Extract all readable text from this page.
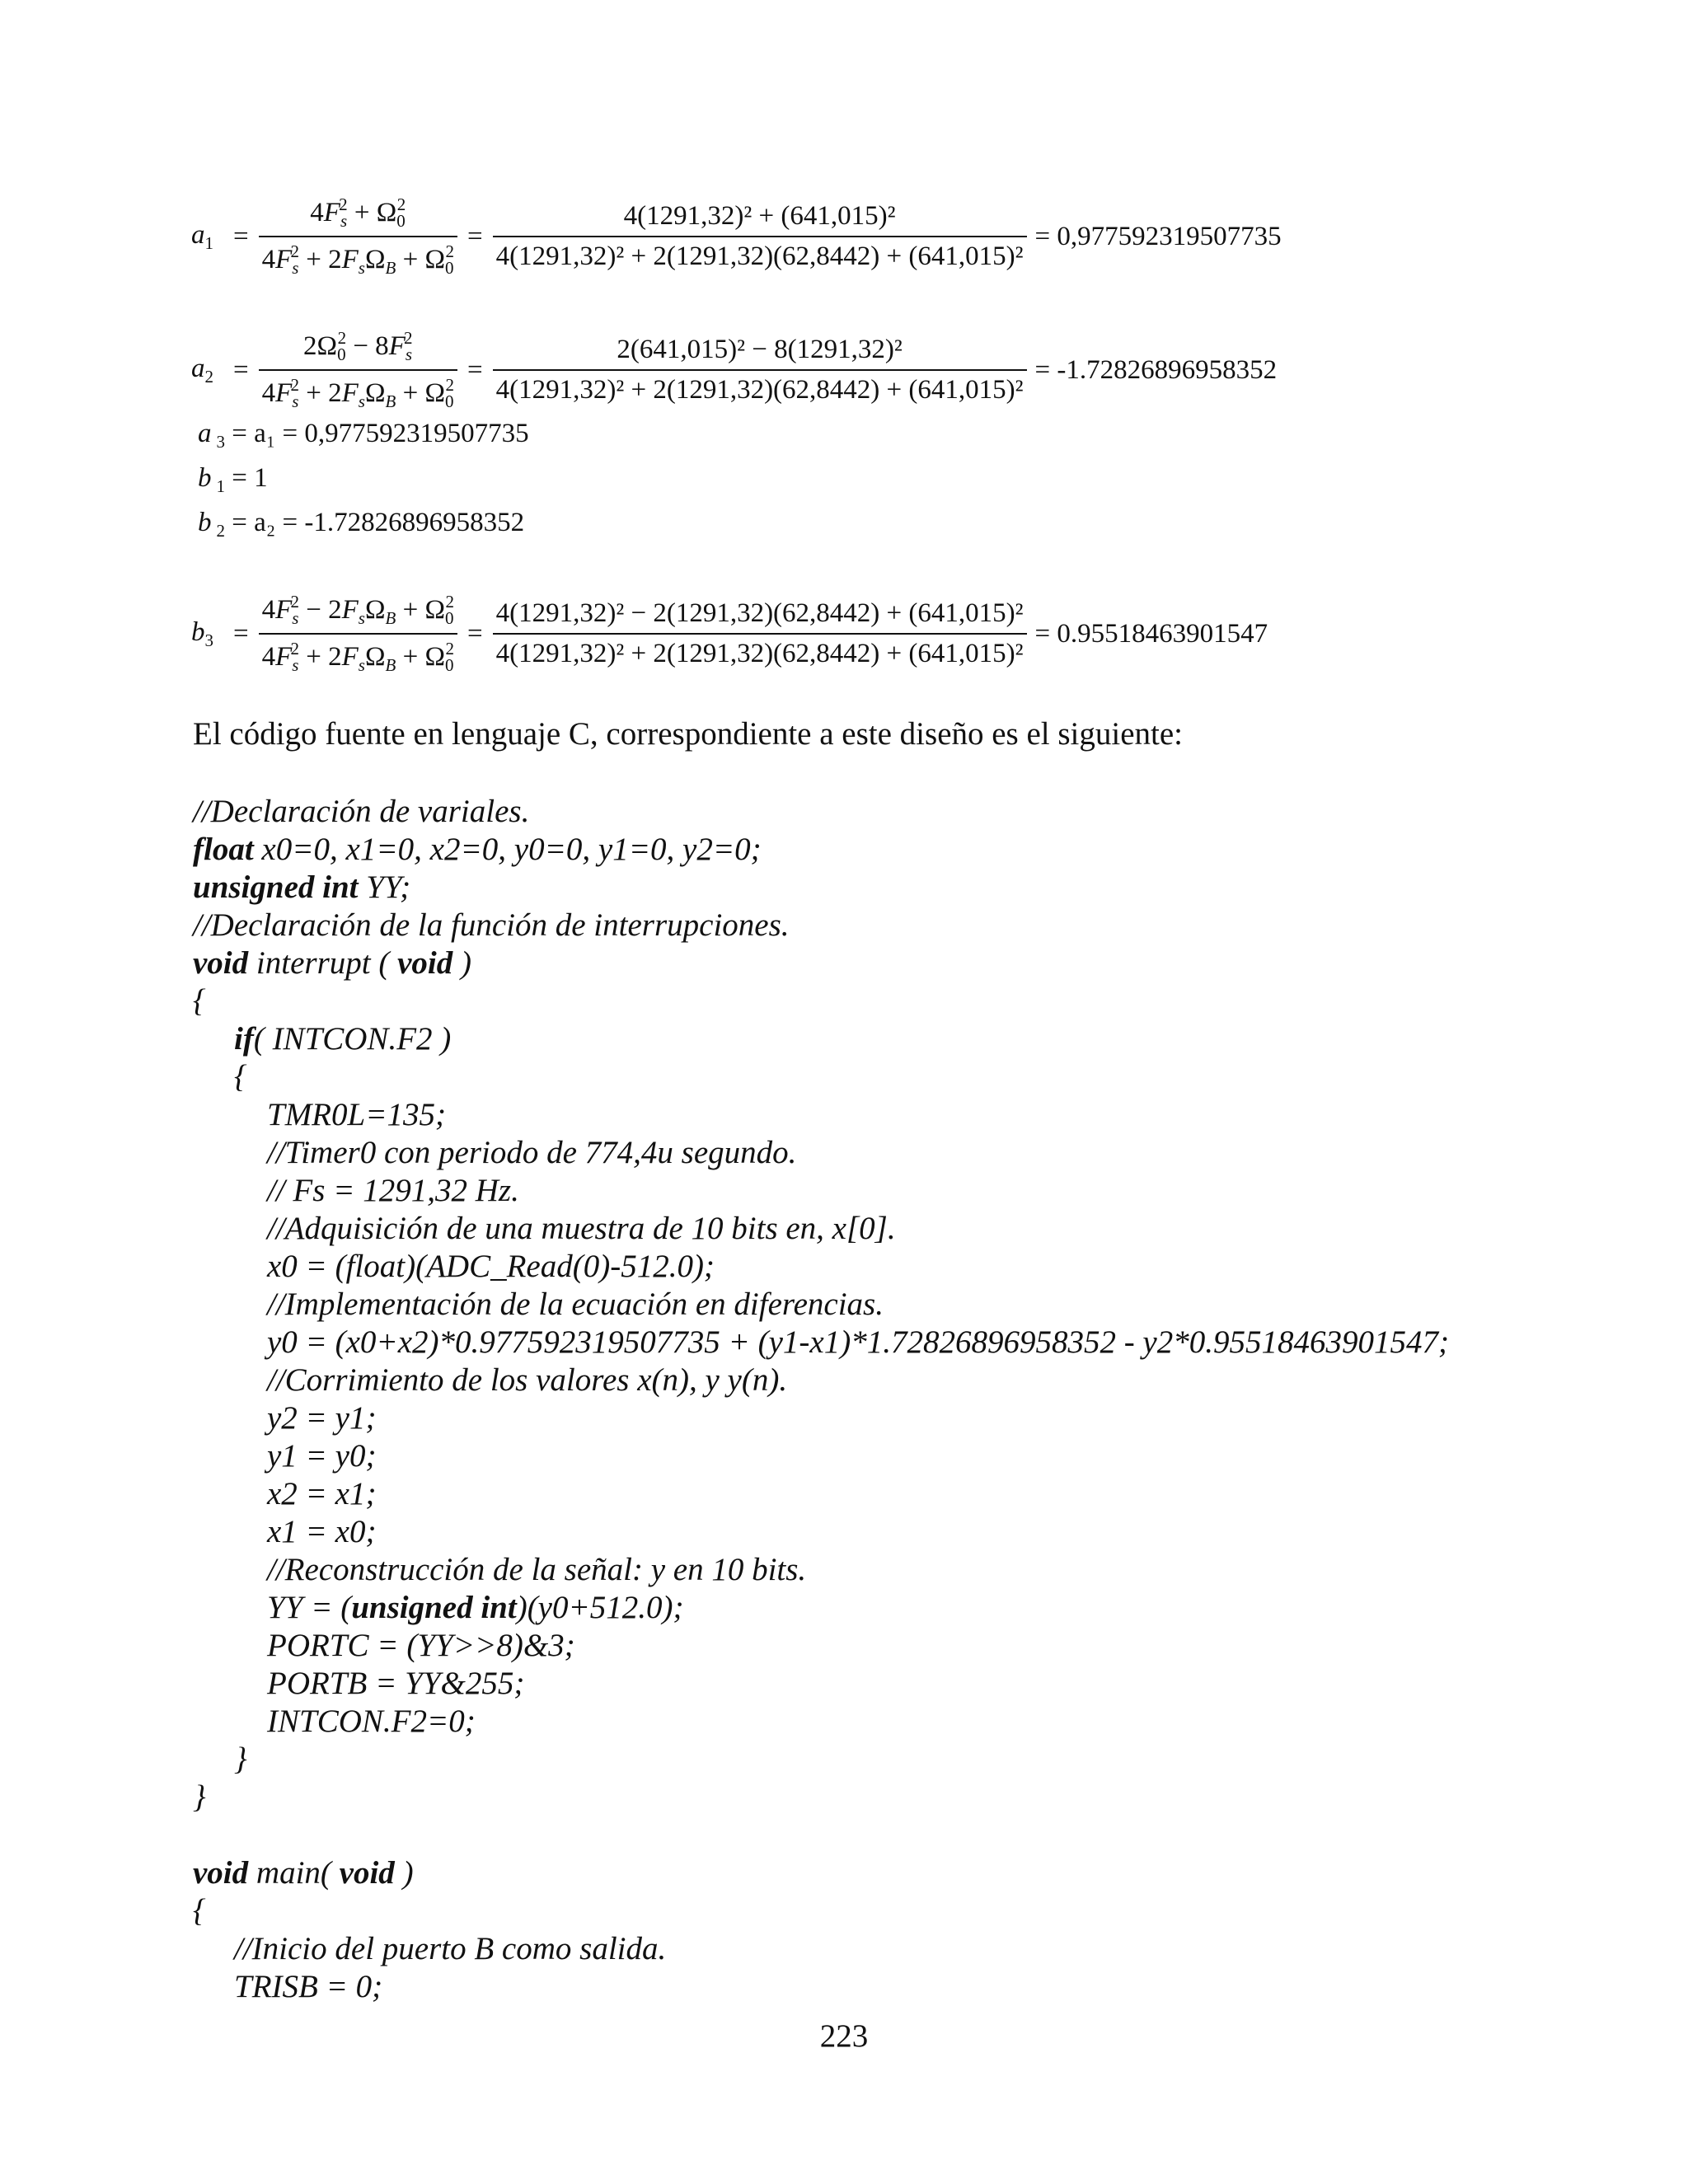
$a_1 = \frac{4F_s^2 + \Omega_0^2}{4F_s^2 + 2F_s\Omega_B + \Omega_0^2} = \frac{\text{4(1291,32)² + (641,015)²}}{\text{4(1291,32)² + 2(1291,32)(62,8442) + (641,015)²}} = 0,977592319507735$
$a_2 = \frac{2\Omega_0^2 - 8F_s^2}{4F_s^2 + 2F_s\Omega_B + \Omega_0^2} = \frac{\text{2(641,015)² − 8(1291,32)²}}{\text{4(1291,32)² + 2(1291,32)(62,8442) + (641,015)²}} = -1.72826896958352$
a $_3$ = a₁ = 0,977592319507735
b $_1$ = 1
b $_2$ = a₂ = -1.72826896958352
$b_3 = \frac{4F_s^2 - 2F_s\Omega_B + \Omega_0^2}{4F_s^2 + 2F_s\Omega_B + \Omega_0^2} = \frac{\text{4(1291,32)² − 2(1291,32)(62,8442) + (641,015)²}}{\text{4(1291,32)² + 2(1291,32)(62,8442) + (641,015)²}} = 0.95518463901547$
El código fuente en lenguaje C, correspondiente a este diseño es el siguiente:
//Declaración de variales.
float x0=0, x1=0, x2=0, y0=0, y1=0, y2=0;
unsigned int YY;
//Declaración de la función de interrupciones.
void interrupt ( void )
{
if( INTCON.F2 )
{
TMR0L=135;
//Timer0 con periodo de 774,4u segundo.
// Fs = 1291,32 Hz.
//Adquisición de una muestra de 10 bits en, x[0].
x0 = (float)(ADC_Read(0)-512.0);
//Implementación de la ecuación en diferencias.
y0 = (x0+x2)*0.977592319507735 + (y1-x1)*1.72826896958352 - y2*0.95518463901547;
//Corrimiento de los valores x(n), y y(n).
y2 = y1;
y1 = y0;
x2 = x1;
x1 = x0;
//Reconstrucción de la señal: y en 10 bits.
YY = (unsigned int)(y0+512.0);
PORTC = (YY>>8)&3;
PORTB = YY&255;
INTCON.F2=0;
}
}
void main( void )
{
//Inicio del puerto B como salida.
TRISB = 0;
223
